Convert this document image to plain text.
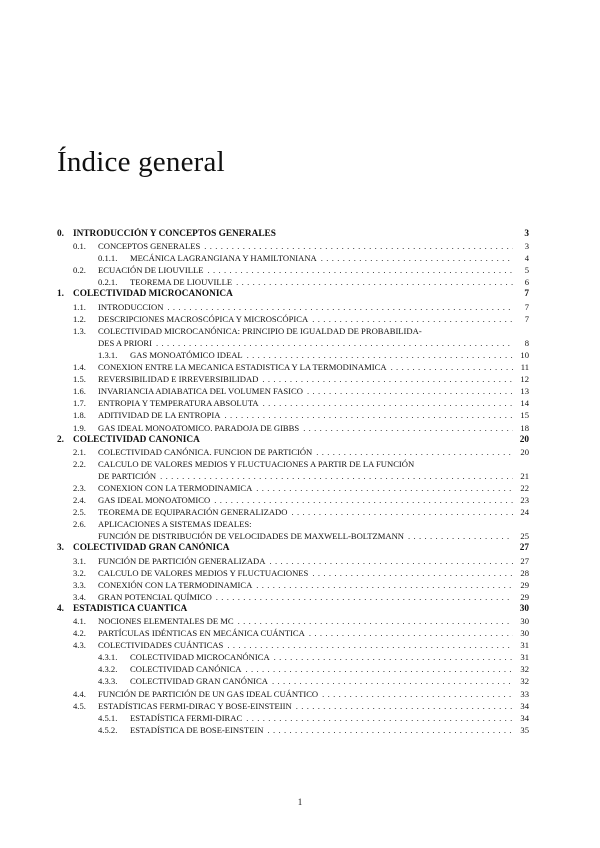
Índice general
0. INTRODUCCIÓN Y CONCEPTOS GENERALES	3
0.1.	CONCEPTOS GENERALES . . .	3
0.1.1.	MECÁNICA LAGRANGIANA Y HAMILTONIANA . . .	4
0.2.	ECUACIÓN DE LIOUVILLE . . .	5
0.2.1.	TEOREMA DE LIOUVILLE . . .	6
1. COLECTIVIDAD MICROCANONICA	7
1.1.	INTRODUCCION . . .	7
1.2.	DESCRIPCIONES MACROSCÓPICA Y MICROSCÓPICA . . .	7
1.3.	COLECTIVIDAD MICROCANÓNICA: PRINCIPIO DE IGUALDAD DE PROBABILIDA-
DES A PRIORI . . .	8
1.3.1.	GAS MONOATÓMICO IDEAL . . .	10
1.4.	CONEXION ENTRE LA MECANICA ESTADISTICA Y LA TERMODINAMICA . . .	11
1.5.	REVERSIBILIDAD E IRREVERSIBILIDAD . . .	12
1.6.	INVARIANCIA ADIABATICA DEL VOLUMEN FASICO . . .	13
1.7.	ENTROPIA Y TEMPERATURA ABSOLUTA . . .	14
1.8.	ADITIVIDAD DE LA ENTROPIA . . .	15
1.9.	GAS IDEAL MONOATOMICO. PARADOJA DE GIBBS . . .	18
2. COLECTIVIDAD CANONICA	20
2.1.	COLECTIVIDAD CANÓNICA. FUNCION DE PARTICIÓN . . .	20
2.2.	CALCULO DE VALORES MEDIOS Y FLUCTUACIONES A PARTIR DE LA FUNCIÓN
DE PARTICIÓN . . .	21
2.3.	CONEXION CON LA TERMODINAMICA . . .	22
2.4.	GAS IDEAL MONOATOMICO . . .	23
2.5.	TEOREMA DE EQUIPARACIÓN GENERALIZADO . . .	24
2.6.	APLICACIONES A SISTEMAS IDEALES:
FUNCIÓN DE DISTRIBUCIÓN DE VELOCIDADES DE MAXWELL-BOLTZMANN . . .	25
3. COLECTIVIDAD GRAN CANÓNICA	27
3.1.	FUNCIÓN DE PARTICIÓN GENERALIZADA . . .	27
3.2.	CALCULO DE VALORES MEDIOS Y FLUCTUACIONES . . .	28
3.3.	CONEXIÓN CON LA TERMODINAMICA . . .	29
3.4.	GRAN POTENCIAL QUÍMICO . . .	29
4. ESTADISTICA CUANTICA	30
4.1.	NOCIONES ELEMENTALES DE MC . . .	30
4.2.	PARTÍCULAS IDÉNTICAS EN MECÁNICA CUÁNTICA . . .	30
4.3.	COLECTIVIDADES CUÁNTICAS . . .	31
4.3.1.	COLECTIVIDAD MICROCANÓNICA . . .	31
4.3.2.	COLECTIVIDAD CANÓNICA . . .	32
4.3.3.	COLECTIVIDAD GRAN CANÓNICA . . .	32
4.4.	FUNCIÓN DE PARTICIÓN DE UN GAS IDEAL CUÁNTICO . . .	33
4.5.	ESTADÍSTICAS FERMI-DIRAC Y BOSE-EINSTEIIN . . .	34
4.5.1.	ESTADÍSTICA FERMI-DIRAC . . .	34
4.5.2.	ESTADÍSTICA DE BOSE-EINSTEIN . . .	35
1
